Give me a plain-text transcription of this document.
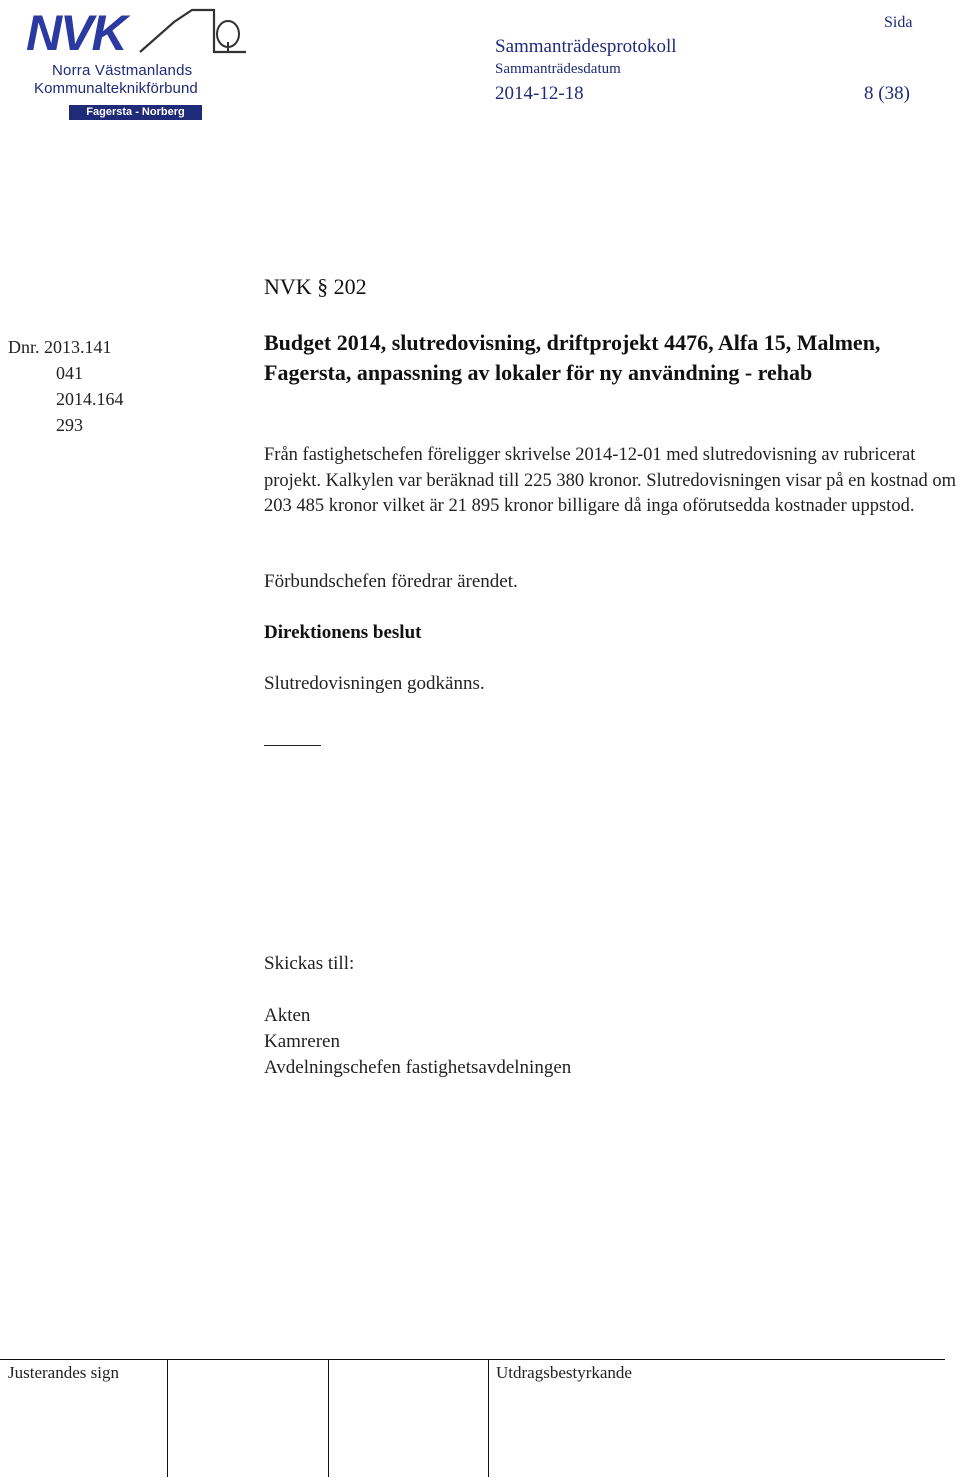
NVK
Norra Västmanlands
Kommunalteknikförbund
Fagersta - Norberg
Sida
Sammanträdesprotokoll
Sammanträdesdatum
2014-12-18	8 (38)
Dnr. 2013.141
041
2014.164
293
NVK § 202
Budget 2014, slutredovisning, driftprojekt 4476, Alfa 15, Malmen, Fagersta, anpassning av lokaler för ny användning - rehab
Från fastighetschefen föreligger skrivelse 2014-12-01 med slutredovisning av rubricerat projekt. Kalkylen var beräknad till 225 380 kronor. Slutredovisningen visar på en kostnad om 203 485 kronor vilket är 21 895 kronor billigare då inga oförutsedda kostnader uppstod.
Förbundschefen föredrar ärendet.
Direktionens beslut
Slutredovisningen godkänns.
Skickas till:
Akten
Kamreren
Avdelningschefen fastighetsavdelningen
Justerandes sign	Utdragsbestyrkande
